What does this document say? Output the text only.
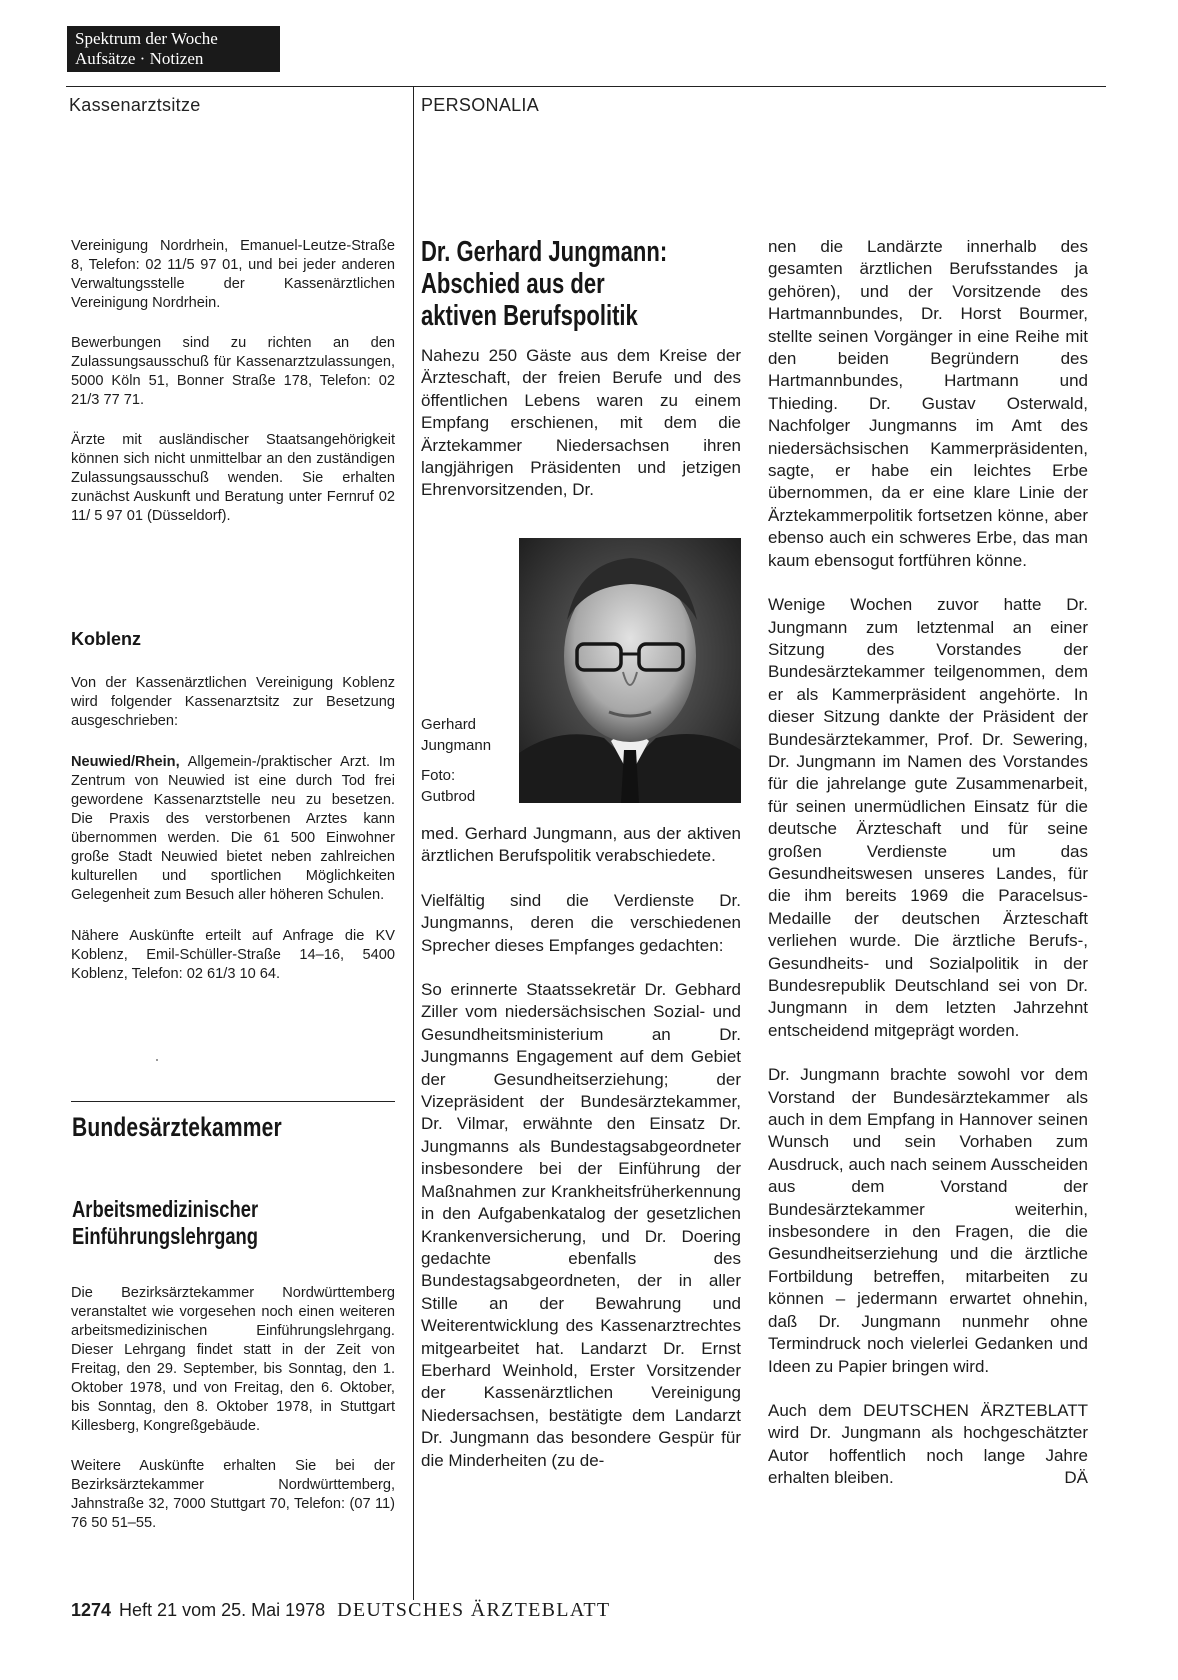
Spektrum der Woche
Aufsätze · Notizen
Kassenarztsitze	PERSONALIA

Vereinigung Nordrhein, Emanuel-Leutze-Straße 8, Telefon: 02 11/5 97 01, und bei jeder anderen Verwaltungsstelle der Kassenärztlichen Vereinigung Nordrhein.

Bewerbungen sind zu richten an den Zulassungsausschuß für Kassenarztzulassungen, 5000 Köln 51, Bonner Straße 178, Telefon: 02 21/3 77 71.

Ärzte mit ausländischer Staatsangehörigkeit können sich nicht unmittelbar an den zuständigen Zulassungsausschuß wenden. Sie erhalten zunächst Auskunft und Beratung unter Fernruf 02 11/ 5 97 01 (Düsseldorf).

Koblenz

Von der Kassenärztlichen Vereinigung Koblenz wird folgender Kassenarztsitz zur Besetzung ausgeschrieben:

Neuwied/Rhein, Allgemein-/praktischer Arzt. Im Zentrum von Neuwied ist eine durch Tod frei gewordene Kassenarztstelle neu zu besetzen. Die Praxis des verstorbenen Arztes kann übernommen werden. Die 61 500 Einwohner große Stadt Neuwied bietet neben zahlreichen kulturellen und sportlichen Möglichkeiten Gelegenheit zum Besuch aller höheren Schulen.

Nähere Auskünfte erteilt auf Anfrage die KV Koblenz, Emil-Schüller-Straße 14–16, 5400 Koblenz, Telefon: 02 61/3 10 64.

Bundesärztekammer
Arbeitsmedizinischer
Einführungslehrgang

Die Bezirksärztekammer Nordwürttemberg veranstaltet wie vorgesehen noch einen weiteren arbeitsmedizinischen Einführungslehrgang. Dieser Lehrgang findet statt in der Zeit von Freitag, den 29. September, bis Sonntag, den 1. Oktober 1978, und von Freitag, den 6. Oktober, bis Sonntag, den 8. Oktober 1978, in Stuttgart Killesberg, Kongreßgebäude.

Weitere Auskünfte erhalten Sie bei der Bezirksärztekammer Nordwürttemberg, Jahnstraße 32, 7000 Stuttgart 70, Telefon: (07 11) 76 50 51–55.

Dr. Gerhard Jungmann:
Abschied aus der
aktiven Berufspolitik
Nahezu 250 Gäste aus dem Kreise der Ärzteschaft, der freien Berufe und des öffentlichen Lebens waren zu einem Empfang erschienen, mit dem die Ärztekammer Niedersachsen ihren langjährigen Präsidenten und jetzigen Ehrenvorsitzenden, Dr.

Gerhard

Jungmann

Foto:

Gutbrod

med. Gerhard Jungmann, aus der aktiven ärztlichen Berufspolitik verabschiedete.

Vielfältig sind die Verdienste Dr. Jungmanns, deren die verschiedenen Sprecher dieses Empfanges gedachten:

So erinnerte Staatssekretär Dr. Gebhard Ziller vom niedersächsischen Sozial- und Gesundheitsministerium an Dr. Jungmanns Engagement auf dem Gebiet der Gesundheitserziehung; der Vizepräsident der Bundesärztekammer, Dr. Vilmar, erwähnte den Einsatz Dr. Jungmanns als Bundestagsabgeordneter insbesondere bei der Einführung der Maßnahmen zur Krankheitsfrüherkennung in den Aufgabenkatalog der gesetzlichen Krankenversicherung, und Dr. Doering gedachte ebenfalls des Bundestagsabgeordneten, der in aller Stille an der Bewahrung und Weiterentwicklung des Kassenarztrechtes mitgearbeitet hat. Landarzt Dr. Ernst Eberhard Weinhold, Erster Vorsitzender der Kassenärztlichen Vereinigung Niedersachsen, bestätigte dem Landarzt Dr. Jungmann das besondere Gespür für die Minderheiten (zu de-

nen die Landärzte innerhalb des gesamten ärztlichen Berufsstandes ja gehören), und der Vorsitzende des Hartmannbundes, Dr. Horst Bourmer, stellte seinen Vorgänger in eine Reihe mit den beiden Begründern des Hartmannbundes, Hartmann und Thieding. Dr. Gustav Osterwald, Nachfolger Jungmanns im Amt des niedersächsischen Kammerpräsidenten, sagte, er habe ein leichtes Erbe übernommen, da er eine klare Linie der Ärztekammerpolitik fortsetzen könne, aber ebenso auch ein schweres Erbe, das man kaum ebensogut fortführen könne.

Wenige Wochen zuvor hatte Dr. Jungmann zum letztenmal an einer Sitzung des Vorstandes der Bundesärztekammer teilgenommen, dem er als Kammerpräsident angehörte. In dieser Sitzung dankte der Präsident der Bundesärztekammer, Prof. Dr. Sewering, Dr. Jungmann im Namen des Vorstandes für die jahrelange gute Zusammenarbeit, für seinen unermüdlichen Einsatz für die deutsche Ärzteschaft und für seine großen Verdienste um das Gesundheitswesen unseres Landes, für die ihm bereits 1969 die Paracelsus-Medaille der deutschen Ärzteschaft verliehen wurde. Die ärztliche Berufs-, Gesundheits- und Sozialpolitik in der Bundesrepublik Deutschland sei von Dr. Jungmann in dem letzten Jahrzehnt entscheidend mitgeprägt worden.

Dr. Jungmann brachte sowohl vor dem Vorstand der Bundesärztekammer als auch in dem Empfang in Hannover seinen Wunsch und sein Vorhaben zum Ausdruck, auch nach seinem Ausscheiden aus dem Vorstand der Bundesärztekammer weiterhin, insbesondere in den Fragen, die die Gesundheitserziehung und die ärztliche Fortbildung betreffen, mitarbeiten zu können – jedermann erwartet ohnehin, daß Dr. Jungmann nunmehr ohne Termindruck noch vielerlei Gedanken und Ideen zu Papier bringen wird.

Auch dem DEUTSCHEN ÄRZTEBLATT wird Dr. Jungmann als hochgeschätzter Autor hoffentlich noch lange Jahre erhalten bleiben.	DÄ

1274 Heft 21 vom 25. Mai 1978 DEUTSCHES ÄRZTEBLATT
